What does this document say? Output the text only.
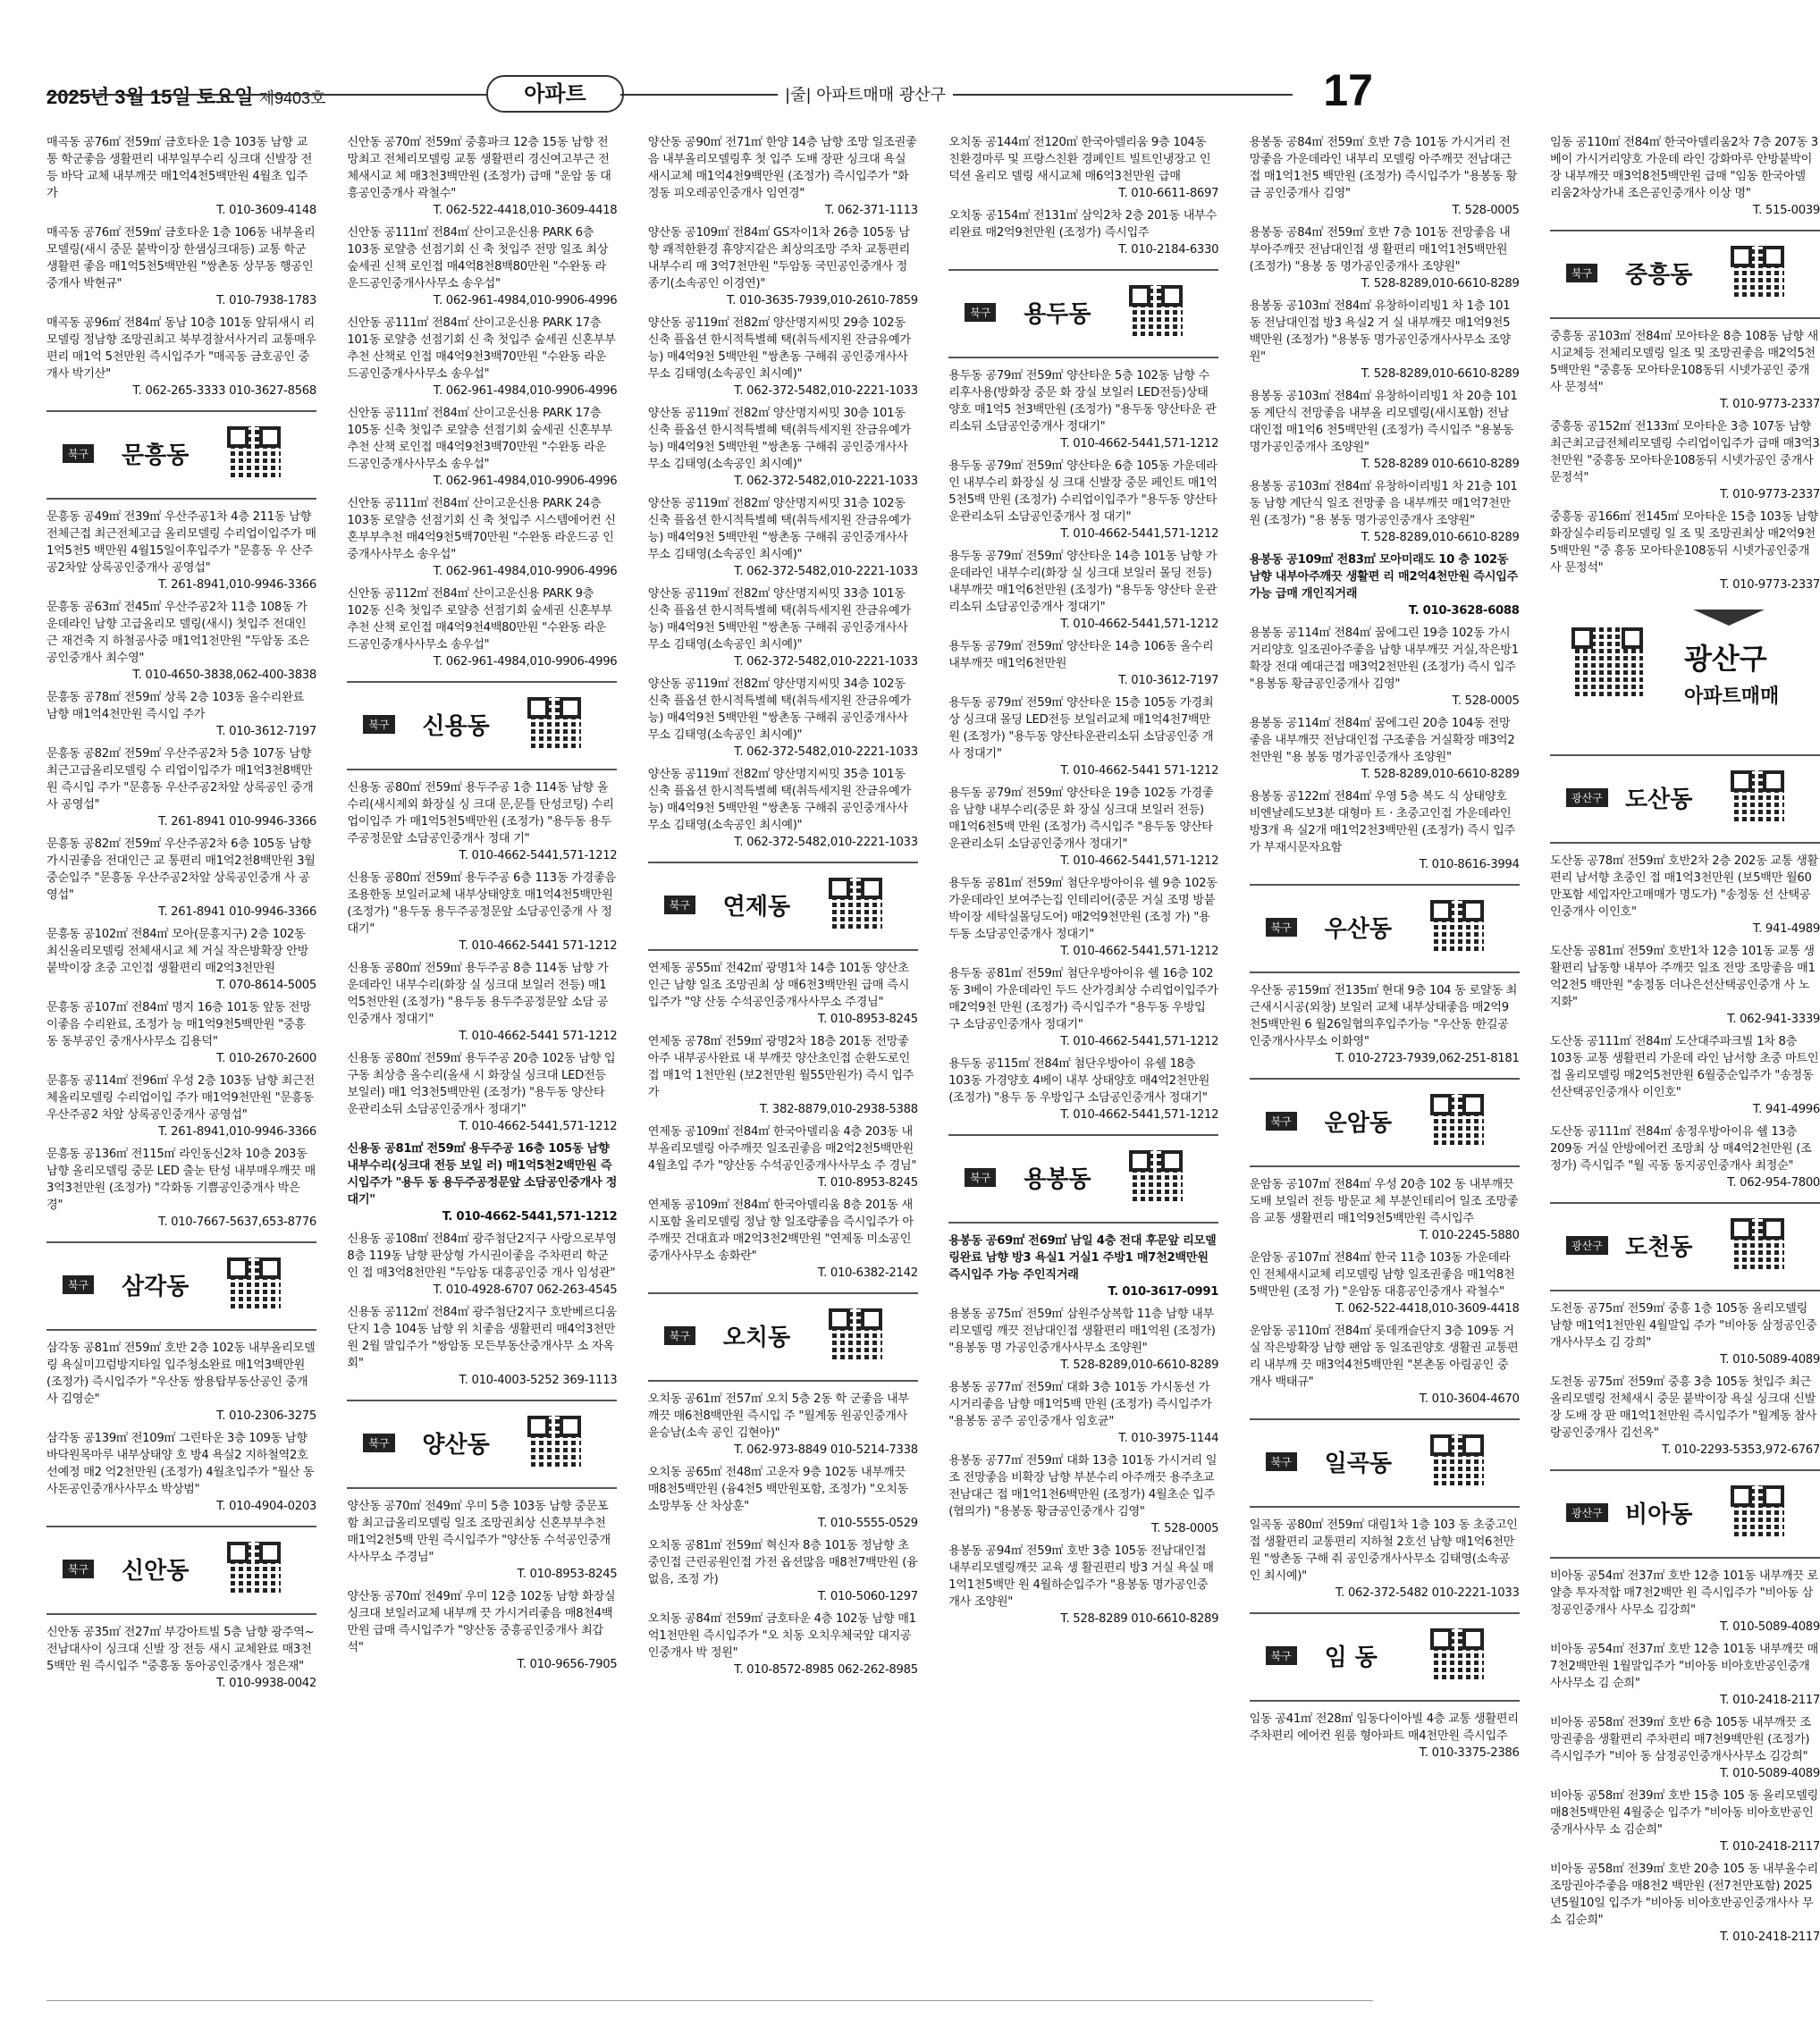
2025년 3월 15일 토요일 제9403호	아파트	|줄| 아파트매매 광산구	17
매곡동 공76㎡ 전59㎡ 금호타운 1층 103동 남향 교통 학군좋음 생활편리 내부일부수리 싱크대 신발장 전등 바닥 교체 내부깨끗 매1억4천5백만원 4월초 입주가
T. 010-3609-4148
매곡동 공76㎡ 전59㎡ 금호타운 1층 106동 내부올리모델링(새시 중문 붙박이장 한샘싱크대등) 교통 학군 생활편 좋음 매1억5천5백만원 "쌍촌동 상무동 행공인중개사 박현규"
T. 010-7938-1783
매곡동 공96㎡ 전84㎡ 동남 10층 101동 앞뒤새시 리모델링 정남향 조망권최고 북부경찰서사거리 교통매우편리 매1억 5천만원 즉시입주가 "매곡동 금호공인 중개사 박기산"
T. 062-265-3333 010-3627-8568
북구 문흥동
문흥동 공49㎡ 전39㎡ 우산주공1차 4층 211동 남향 전체근접 최근전체고급 올리모델링 수리업이입주가 매1억5천5 백만원 4월15일이후입주가 "문흥동 우 산주공2차앞 상록공인중개사 공영섭"
T. 261-8941,010-9946-3366
문흥동 공63㎡ 전45㎡ 우산주공2차 11층 108동 가운데라인 남향 고급올리모 델링(새시) 첫입주 전대인근 재건축 지 하철공사중 매1억1천만원 "두암동 조은 공인중개사 최수영"
T. 010-4650-3838,062-400-3838
문흥동 공78㎡ 전59㎡ 상록 2층 103동 올수리완료 남향 매1억4천만원 즉시입 주가
T. 010-3612-7197
문흥동 공82㎡ 전59㎡ 우산주공2차 5층 107동 남향 최근고급올리모델링 수 리업이입주가 매1억3천8백만원 즉시입 주가 "문흥동 우산주공2차앞 상록공인 중개사 공영섭"
T. 261-8941 010-9946-3366
문흥동 공82㎡ 전59㎡ 우산주공2차 6층 105동 남향 가시권좋음 전대인근 교 통편리 매1억2천8백만원 3월중순입주 "문흥동 우산주공2차앞 상록공인중개 사 공영섭"
T. 261-8941 010-9946-3366
문흥동 공102㎡ 전84㎡ 모아(문흥지구) 2층 102동 최신올리모델링 전체새시교 체 거실 작은방확장 안방붙박이장 초중 고인접 생활편리 매2억3천만원
T. 070-8614-5005
문흥동 공107㎡ 전84㎡ 명지 16층 101동 앞동 전망이좋음 수리완료, 조정가 능 매1억9천5백만원 "중흥동 동부공인 중개사사무소 김용덕"
T. 010-2670-2600
문흥동 공114㎡ 전96㎡ 우성 2층 103동 남향 최근전체올리모델링 수리업이입 주가 매1억9천만원 "문흥동 우산주공2 차앞 상록공인중개사 공영섭"
T. 261-8941,010-9946-3366
문흥동 공136㎡ 전115㎡ 라인동신2차 10층 203동 남향 올리모델링 중문 LED 출눈 탄성 내부매우깨끗 매3억3천만원 (조정가) "각화동 기쁨공인중개사 박은 경"
T. 010-7667-5637,653-8776
북구 삼각동
삼각동 공81㎡ 전59㎡ 호반 2층 102동 내부올리모델링 욕실미끄럼방지타일 입주청소완료 매1억3백만원 (조정가) 즉시입주가 "우산동 쌍용탑부동산공인 중개사 김영순"
T. 010-2306-3275
삼각동 공139㎡ 전109㎡ 그린타운 3층 109동 남향 바닥원목마루 내부상태양 호 방4 욕실2 지하철역2호선예정 매2 억2천만원 (조정가) 4월초입주가 "월산 동 사돈공인중개사사무소 박상범"
T. 010-4904-0203
북구 신안동
신안동 공35㎡ 전27㎡ 부강아트빌 5층 남향 광주역~전남대사이 싱크대 신발 장 전등 새시 교체완료 매3천5백만 원 즉시입주 "중흥동 동아공인중개사 정은재"
T. 010-9938-0042
신안동 공70㎡ 전59㎡ 중흥파크 12층 15동 남향 전망최고 전체리모델링 교통 생활편리 경신여고부근 전체새시교 체 매3천3백만원 (조정가) 급매 "운암 동 대흥공인중개사 곽철수"
T. 062-522-4418,010-3609-4418
신안동 공111㎡ 전84㎡ 산이고운신용 PARK 6층 103동 로얄층 선점기회 신 축 첫입주 전망 일조 최상 숲세권 신책 로인접 매4억8천8백80만원 "수완동 라 운드공인중개사사무소 송우섭"
T. 062-961-4984,010-9906-4996
신안동 공111㎡ 전84㎡ 산이고운신용 PARK 17층 101동 로얄층 선점기회 신 축 첫입주 숲세권 신혼부부추천 산책로 인접 매4억9천3백70만원 "수완동 라운 드공인중개사사무소 송우섭"
T. 062-961-4984,010-9906-4996
신안동 공111㎡ 전84㎡ 산이고운신용 PARK 17층 105동 신축 첫입주 로얄층 선점기회 숲세권 신혼부부추천 산책 로인접 매4억9천3백70만원 "수완동 라운 드공인중개사사무소 송우섭"
T. 062-961-4984,010-9906-4996
신안동 공111㎡ 전84㎡ 산이고운신용 PARK 24층 103동 로얄층 선점기회 신 축 첫입주 시스템에어컨 신혼부부추천 매4억9천5백70만원 "수완동 라운드공 인중개사사무소 송우섭"
T. 062-961-4984,010-9906-4996
신안동 공112㎡ 전84㎡ 산이고운신용 PARK 9층 102동 신축 첫입주 로얄층 선점기회 숲세권 신혼부부추천 산책 로인접 매4억9천4백80만원 "수완동 라운 드공인중개사사무소 송우섭"
T. 062-961-4984,010-9906-4996
북구 신용동
신용동 공80㎡ 전59㎡ 용두주공 1층 114동 남향 올수리(새시제외 화장실 싱 크대 문,문틀 탄성코팅) 수리업이입주 가 매1억5천5백만원 (조정가) "용두동 용두주공정문앞 소담공인중개사 정대 기"
T. 010-4662-5441,571-1212
신용동 공80㎡ 전59㎡ 용두주공 6층 113동 가경좋음 조용한동 보일러교체 내부상태양호 매1억4천5백만원 (조정가) "용두동 용두주공정문앞 소담공인중개 사 정대기"
T. 010-4662-5441 571-1212
신용동 공80㎡ 전59㎡ 용두주공 8층 114동 남향 가운데라인 내부수리(화장 실 싱크대 보일러 전등) 매1억5천만원 (조정가) "용두동 용두주공정문앞 소담 공인중개사 정대기"
T. 010-4662-5441 571-1212
신용동 공80㎡ 전59㎡ 용두주공 20층 102동 남향 입구동 최상층 올수리(올새 시 화장실 싱크대 LED전등 보일러) 매1 억3천5백만원 (조정가) "용두동 양산타 운관리소뒤 소담공인중개사 정대기"
T. 010-4662-5441,571-1212
신용동 공81㎡ 전59㎡ 용두주공 16층 105동 남향 내부수리(싱크대 전등 보일 러) 매1억5천2백만원 즉시입주가 "용두 동 용두주공정문앞 소담공인중개사 정 대기"
T. 010-4662-5441,571-1212
신용동 공108㎡ 전84㎡ 광주첨단2지구 사랑으로부영 8층 119동 남향 판상형 가시권이좋음 주차편리 학군인 접 매3억8천만원 "두암동 대흥공인중 개사 임성관"
T. 010-4928-6707 062-263-4545
신용동 공112㎡ 전84㎡ 광주첨단2지구 호반베르디움단지 1층 104동 남향 위 치좋음 생활편리 매4억3천만원 2월 말입주가 "쌍암동 모든부동산중개사무 소 자옥회"
T. 010-4003-5252 369-1113
북구 양산동
양산동 공70㎡ 전49㎡ 우미 5층 103동 남향 중문포함 최고급올리모델링 일조 조망권최상 신혼부부추천 매1억2천5백 만원 즉시입주가 "양산동 수석공인중개 사사무소 주경님"
T. 010-8953-8245
양산동 공70㎡ 전49㎡ 우미 12층 102동 남향 화장실 싱크대 보일러교체 내부깨 끗 가시거리좋음 매8천4백만원 급매 즉시입주가 "양산동 중흥공인중개사 최갑 석"
T. 010-9656-7905
양산동 공90㎡ 전71㎡ 한양 14층 남향 조망 일조권좋음 내부올리모델링후 첫 입주 도배 장판 싱크대 욕실 새시교체 매1억4천9백만원 (조정가) 즉시입주가 "화정동 피오레공인중개사 임연경"
T. 062-371-1113
양산동 공109㎡ 전84㎡ GS자이1차 26층 105동 남향 쾌적한환경 휴양지같은 최상의조망 주차 교통편리 내부수리 매 3억7천만원 "두암동 국민공인중개사 정 종기(소속공인 이경연)"
T. 010-3635-7939,010-2610-7859
양산동 공119㎡ 전82㎡ 양산명지씨밋 29층 102동 신축 플옵션 한시적특별혜 택(취득세지원 잔금유예가능) 매4억9천 5백만원 "쌍촌동 구해줘 공인중개사사 무소 김태영(소속공인 최시예)"
T. 062-372-5482,010-2221-1033
양산동 공119㎡ 전82㎡ 양산명지씨밋 30층 101동 신축 플옵션 한시적특별혜 택(취득세지원 잔금유예가능) 매4억9천 5백만원 "쌍촌동 구해줘 공인중개사사 무소 김태영(소속공인 최시예)"
T. 062-372-5482,010-2221-1033
양산동 공119㎡ 전82㎡ 양산명지씨밋 31층 102동 신축 플옵션 한시적특별혜 택(취득세지원 잔금유예가능) 매4억9천 5백만원 "쌍촌동 구해줘 공인중개사사 무소 김태영(소속공인 최시예)"
T. 062-372-5482,010-2221-1033
양산동 공119㎡ 전82㎡ 양산명지씨밋 33층 101동 신축 플옵션 한시적특별혜 택(취득세지원 잔금유예가능) 매4억9천 5백만원 "쌍촌동 구해줘 공인중개사사 무소 김태영(소속공인 최시예)"
T. 062-372-5482,010-2221-1033
양산동 공119㎡ 전82㎡ 양산명지씨밋 34층 102동 신축 플옵션 한시적특별혜 택(취득세지원 잔금유예가능) 매4억9천 5백만원 "쌍촌동 구해줘 공인중개사사 무소 김태영(소속공인 최시예)"
T. 062-372-5482,010-2221-1033
양산동 공119㎡ 전82㎡ 양산명지씨밋 35층 101동 신축 플옵션 한시적특별혜 택(취득세지원 잔금유예가능) 매4억9천 5백만원 "쌍촌동 구해줘 공인중개사사 무소 김태영(소속공인 최시예)"
T. 062-372-5482,010-2221-1033
북구 연제동
연제동 공55㎡ 전42㎡ 광명1차 14층 101동 양산초인근 남향 일조 조망권최 상 매6천3백만원 급매 즉시입주가 "양 산동 수석공인중개사사무소 주경님"
T. 010-8953-8245
연제동 공78㎡ 전59㎡ 광명2차 18층 201동 전망좋아주 내부공사완료 내 부깨끗 양산초인접 순환도로인접 매1억 1천만원 (보2천만원 월55만원가) 즉시 입주가
T. 382-8879,010-2938-5388
연제동 공109㎡ 전84㎡ 한국아델리움 4층 203동 내부올리모델링 아주깨끗 일조권좋음 매2억2천5백만원 4월초입 주가 "양산동 수석공인중개사사무소 주 경님"
T. 010-8953-8245
연제동 공109㎡ 전84㎡ 한국아델리움 8층 201동 새시포함 올리모델링 정남 향 일조량좋음 즉시입주가 아주깨끗 건대효과 매2억3천2백만원 "연제동 미소공인중개사사무소 송화란"
T. 010-6382-2142
북구 오치동
오치동 공61㎡ 전57㎡ 오치 5층 2동 학 군좋음 내부깨끗 매6천8백만원 즉시입 주 "월계동 원공인중개사 윤승남(소속 공인 김현아)"
T. 062-973-8849 010-5214-7338
오치동 공65㎡ 전48㎡ 고운자 9층 102동 내부깨끗 매8천5백만원 (융4천5 백만원포함, 조정가) "오치동 소망부동 산 차상훈"
T. 010-5555-0529
오치동 공81㎡ 전59㎡ 혁신자 8층 101동 정남향 초중인접 근린공원인접 가전 옵션많음 매8천7백만원 (융없음, 조정 가)
T. 010-5060-1297
오치동 공84㎡ 전59㎡ 금호타운 4층 102동 남향 매1억1천만원 즉시입주가 "오 치동 오치우체국앞 대지공인중개사 박 정원"
T. 010-8572-8985 062-262-8985
오치동 공144㎡ 전120㎡ 한국아델리움 9층 104동 친환경마루 및 프랑스친환 경페인트 빌트인냉장고 인덕션 올리모 델링 새시교체 매6억3천만원 급매
T. 010-6611-8697
오치동 공154㎡ 전131㎡ 삼익2차 2층 201동 내부수리완료 매2억9천만원 (조정가) 즉시입주
T. 010-2184-6330
북구 용두동
용두동 공79㎡ 전59㎡ 양산타운 5층 102동 남향 수리후사용(방화장 중문 화 장실 보일러 LED전등)상태양호 매1억5 천3백만원 (조정가) "용두동 양산타운 관리소뒤 소담공인중개사 정대기"
T. 010-4662-5441,571-1212
용두동 공79㎡ 전59㎡ 양산타운 6층 105동 가운데라인 내부수리 화장실 싱 크대 신발장 중문 페인트 매1억5천5백 만원 (조정가) 수리업이입주가 "용두동 양산타운관리소뒤 소담공인중개사 정 대기"
T. 010-4662-5441,571-1212
용두동 공79㎡ 전59㎡ 양산타운 14층 101동 남향 가운데라인 내부수리(화장 실 싱크대 보일러 몰딩 전등) 내부깨끗 매1억6천만원 (조정가) "용두동 양산타 운관리소뒤 소담공인중개사 정대기"
T. 010-4662-5441,571-1212
용두동 공79㎡ 전59㎡ 양산타운 14층 106동 올수리 내부깨끗 매1억6천만원
T. 010-3612-7197
용두동 공79㎡ 전59㎡ 양산타운 15층 105동 가경최상 싱크대 몰딩 LED전등 보일러교체 매1억4천7백만원 (조정가) "용두동 양산타운관리소뒤 소담공인중 개사 정대기"
T. 010-4662-5441 571-1212
용두동 공79㎡ 전59㎡ 양산타운 19층 102동 가경좋음 남향 내부수리(중문 화 장실 싱크대 보일러 전등) 매1억6천5백 만원 (조정가) 즉시입주 "용두동 양산타 운관리소뒤 소담공인중개사 정대기"
T. 010-4662-5441,571-1212
용두동 공81㎡ 전59㎡ 첨단우방아이유 쉘 9층 102동 가운데라인 보여주는집 인테리어(중문 거실 조명 방붙박이장 세탁실몰딩도어) 매2억9천만원 (조정 가) "용두동 소담공인중개사 정대기"
T. 010-4662-5441,571-1212
용두동 공81㎡ 전59㎡ 첨단우방아이유 쉘 16층 102동 3베이 가운데라인 두드 산가경최상 수리업이입주가 매2억9천 만원 (조정가) 즉시입주가 "용두동 우방입 구 소담공인중개사 정대기"
T. 010-4662-5441,571-1212
용두동 공115㎡ 전84㎡ 첨단우방아이 유쉘 18층 103동 가경양호 4베이 내부 상태양호 매4억2천만원 (조정가) "용두 동 우방입구 소담공인중개사 정대기"
T. 010-4662-5441,571-1212
북구 용봉동
용봉동 공69㎡ 전69㎡ 남일 4층 전대 후문앞 리모델링완료 남향 방3 욕실1 거실1 주방1 매7천2백만원 즉시입주 가능 주인직거래
T. 010-3617-0991
용봉동 공75㎡ 전59㎡ 삼원주상복합 11층 남향 내부리모델링 깨끗 전남대인접 생활편리 매1억원 (조정가) "용봉동 명 가공인중개사사무소 조양원"
T. 528-8289,010-6610-8289
용봉동 공77㎡ 전59㎡ 대화 3층 101동 가시동선 가시거리좋음 남향 매1억5백 만원 (조정가) 즉시입주가 "용봉동 공주 공인중개사 임호균"
T. 010-3975-1144
용봉동 공77㎡ 전59㎡ 대화 13층 101동 가시거리 일조 전망좋음 비확장 남향 부분수리 아주깨끗 용주초교 전남대근 접 매1억1천6백만원 (조정가) 4월초순 입주(협의가) "용봉동 황금공인중개사 김영"
T. 528-0005
용봉동 공94㎡ 전59㎡ 호반 3층 105동 전남대인접 내부리모델링깨끗 교육 생 활권편리 방3 거실 욕실 매1억1천5백만 원 4월하순입주가 "용봉동 명가공인중 개사 조양원"
T. 528-8289 010-6610-8289
용봉동 공84㎡ 전59㎡ 호반 7층 101동 가시거리 전망좋음 가운데라인 내부리 모델링 아주깨끗 전남대근접 매1억1천5 백만원 (조정가) 즉시입주가 "용봉동 황금 공인중개사 김영"
T. 528-0005
용봉동 공84㎡ 전59㎡ 호반 7층 101동 전망좋음 내부아주깨끗 전남대인접 생 활편리 매1억1천5백만원 (조정가) "용봉 동 명가공인중개사 조양원"
T. 528-8289,010-6610-8289
용봉동 공103㎡ 전84㎡ 유창하이리빙1 차 1층 101동 전남대인접 방3 욕실2 거 실 내부깨끗 매1억9천5백만원 (조정가) "용봉동 명가공인중개사사무소 조양원"
T. 528-8289,010-6610-8289
용봉동 공103㎡ 전84㎡ 유창하이리빙1 차 20층 101동 계단식 전망좋음 내부올 리모델링(새시포함) 전남대인접 매1억6 천5백만원 (조정가) 즉시입주 "용봉동 명가공인중개사 조양원"
T. 528-8289 010-6610-8289
용봉동 공103㎡ 전84㎡ 유창하이리빙1 차 21층 101동 남향 계단식 일조 전망좋 음 내부깨끗 매1억7천만원 (조정가) "용 봉동 명가공인중개사 조양원"
T. 528-8289,010-6610-8289
용봉동 공109㎡ 전83㎡ 모아미래도 10 층 102동 남향 내부아주깨끗 생활편 리 매2억4천만원 즉시입주가능 급매 개인직거래
T. 010-3628-6088
용봉동 공114㎡ 전84㎡ 꿈에그린 19층 102동 가시거리양호 일조권아주좋음 남향 내부깨끗 거실,작은방1확장 전대 예대근접 매3억2천만원 (조정가) 즉시 입주 "용봉동 황금공인중개사 김영"
T. 528-0005
용봉동 공114㎡ 전84㎡ 꿈에그린 20층 104동 전망좋음 내부깨끗 전남대인접 구조좋음 거실확장 매3억2천만원 "용 봉동 명가공인중개사 조양원"
T. 528-8289,010-6610-8289
용봉동 공122㎡ 전84㎡ 우영 5층 복도 식 상태양호 비엔날레도보3분 대형마 트 · 초중고인접 가운데라인 방3개 욕 실2개 매1억2천3백만원 (조정가) 즉시 입주가 부재시문자요함
T. 010-8616-3994
북구 우산동
우산동 공159㎡ 전135㎡ 현대 9층 104 동 로얄동 최근새시시공(외창) 보일러 교체 내부상태좋음 매2억9천5백만원 6 월26일협의후입주가능 "우산동 한길공 인중개사사무소 이화영"
T. 010-2723-7939,062-251-8181
북구 운암동
운암동 공107㎡ 전84㎡ 우성 20층 102 동 내부깨끗 도배 보일러 전등 방문교 체 부분인테리어 일조 조망좋음 교통 생활편리 매1억9천5백만원 즉시입주
T. 010-2245-5880
운암동 공107㎡ 전84㎡ 한국 11층 103동 가운데라인 전체새시교체 리모델링 남향 일조권좋음 매1억8천5백만원 (조정 가) "운암동 대흥공인중개사 곽철수"
T. 062-522-4418,010-3609-4418
운암동 공110㎡ 전84㎡ 롯데캐슬단지 3층 109동 거실 작은방확장 남향 팬암 동 일조권양호 생활권 교통편리 내부깨 끗 매3억4천5백만원 "본촌동 아림공인 중개사 백태규"
T. 010-3604-4670
북구 일곡동
일곡동 공80㎡ 전59㎡ 대림1차 1층 103 동 초중고인접 생활편리 교통편리 지하철 2호선 남향 매1억6천만원 "쌍촌동 구해 줘 공인중개사사무소 김태영(소속공인 최시예)"
T. 062-372-5482 010-2221-1033
북구 임 동
임동 공41㎡ 전28㎡ 임동다이아빌 4층 교통 생활편리 주차편리 에어컨 원룸 형아파트 매4천만원 즉시입주
T. 010-3375-2386
임동 공110㎡ 전84㎡ 한국아델리움2차 7층 207동 3베이 가시거리양호 가운데 라인 강화마루 안방붙박이장 내부깨끗 매3억8천5백만원 급매 "임동 한국아델 리움2차상가내 조은공인중개사 이상 명"
T. 515-0039
북구 중흥동
중흥동 공103㎡ 전84㎡ 모아타운 8층 108동 남향 새시교체등 전체리모델링 일조 및 조망권좋음 매2억5천5백만원 "중흥동 모아타운108동뒤 시넷가공인 중개사 문정석"
T. 010-9773-2337
중흥동 공152㎡ 전133㎡ 모아타운 3층 107동 남향 최근최고급전체리모델링 수리업이입주가 급매 매3억3천만원 "중흥동 모아타운108동뒤 시넷가공인 중개사 문정석"
T. 010-9773-2337
중흥동 공166㎡ 전145㎡ 모아타운 15층 103동 남향 화장실수리등리모델링 일 조 및 조망권최상 매2억9천5백만원 "중 흥동 모아타운108동뒤 시넷가공인중개 사 문정석"
T. 010-9773-2337
광산구
아파트매매
광산구 도산동
도산동 공78㎡ 전59㎡ 호반2차 2층 202동 교통 생활편리 남서향 초중인 접 매1억3천만원 (보5백만 월60만포함 세입자안고매매가 명도가) "송정동 선 산택공인중개사 이인호"
T. 941-4989
도산동 공81㎡ 전59㎡ 호반1차 12층 101동 교통 생활편리 남동향 내부아 주깨끗 일조 전망 조망좋음 매1억2천5 백만원 "송정동 더나은선산택공인중개 사 노지화"
T. 062-941-3339
도산동 공111㎡ 전84㎡ 도산대주파크빌 1차 8층 103동 교통 생활편리 가운데 라인 남서향 초중 마트인접 올리모델링 매2억5천만원 6월중순입주가 "송정동 선산택공인중개사 이인호"
T. 941-4996
도산동 공111㎡ 전84㎡ 송정우방아이유 쉘 13층 209동 거실 안방에어컨 조망최 상 매4억2천만원 (조정가) 즉시입주 "월 곡동 동지공인중개사 최정순"
T. 062-954-7800
광산구 도천동
도천동 공75㎡ 전59㎡ 중흥 1층 105동 올리모델링 남향 매1억1천만원 4월말입 주가 "비아동 삼정공인중개사사무소 김 강희"
T. 010-5089-4089
도천동 공75㎡ 전59㎡ 중흥 3층 105동 첫입주 최근올리모델링 전체새시 중문 붙박이장 욕실 싱크대 신발장 도배 장 판 매1억1천만원 즉시입주가 "월계동 참사랑공인중개사 김선옥"
T. 010-2293-5353,972-6767
광산구 비아동
비아동 공54㎡ 전37㎡ 호반 12층 101동 내부깨끗 로얄층 투자적합 매7천2백만 원 즉시입주가 "비아동 삼정공인중개사 사무소 김강희"
T. 010-5089-4089
비아동 공54㎡ 전37㎡ 호반 12층 101동 내부깨끗 매7천2백만원 1월말입주가 "비아동 비아호반공인중개사사무소 김 순희"
T. 010-2418-2117
비아동 공58㎡ 전39㎡ 호반 6층 105동 내부깨끗 조망권좋음 생활편리 주차편리 매7천9백만원 (조정가) 즉시입주가 "비아 동 삼정공인중개사사무소 김강희"
T. 010-5089-4089
비아동 공58㎡ 전39㎡ 호반 15층 105 동 올리모델링 매8천5백만원 4월중순 입주가 "비아동 비아호반공인중개사사무 소 김순희"
T. 010-2418-2117
비아동 공58㎡ 전39㎡ 호반 20층 105 동 내부올수리 조망권아주좋음 매8천2 백만원 (전7천만포함) 2025년5월10일 입주가 "비아동 비아호반공인중개사사 무소 김순희"
T. 010-2418-2117
